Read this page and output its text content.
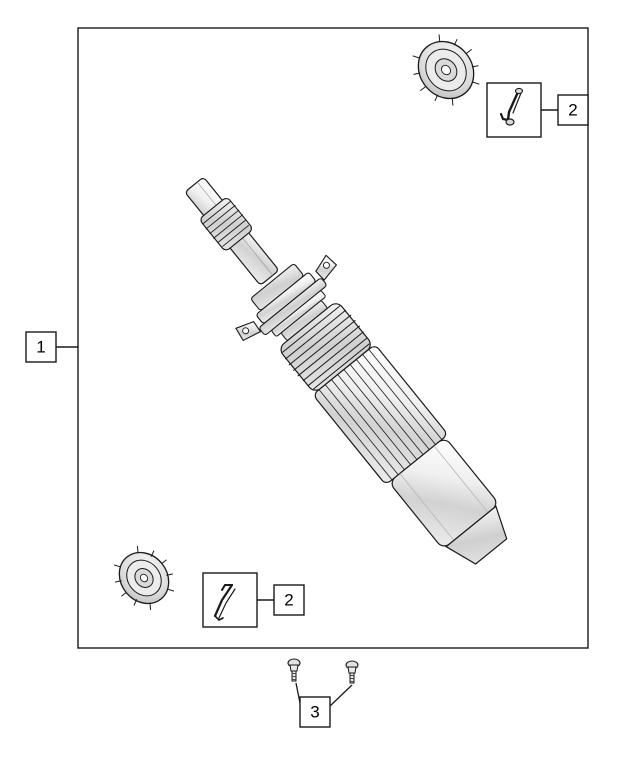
1
2
2
3
